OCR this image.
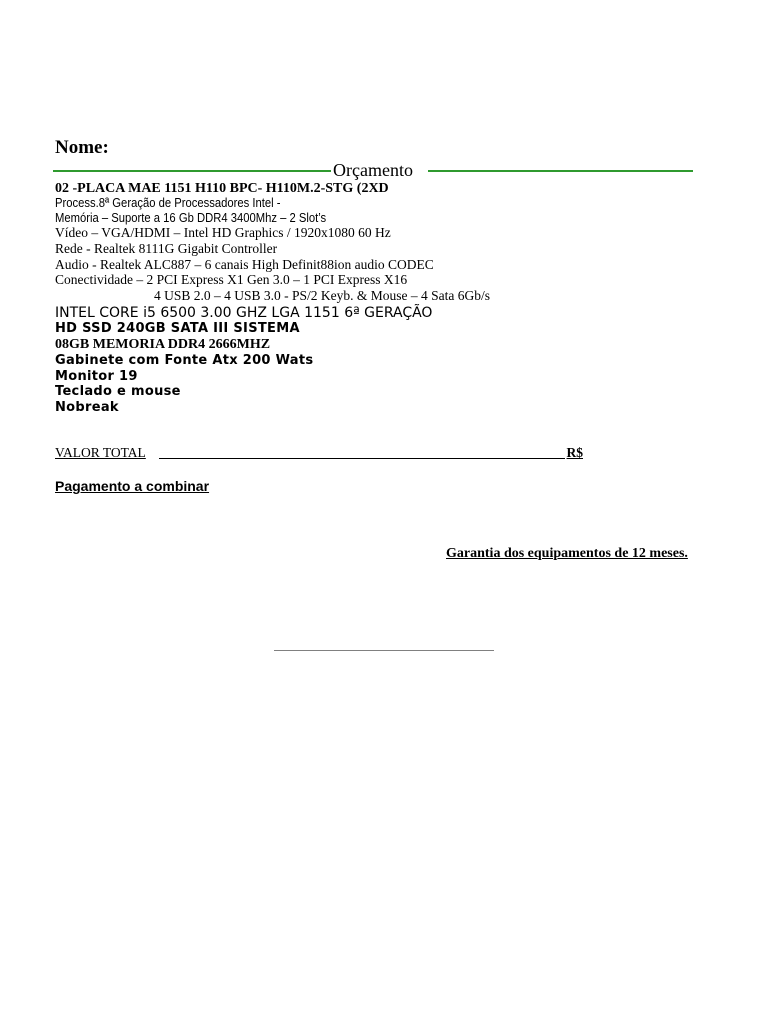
Nome:
Orçamento
02 -PLACA MAE 1151 H110 BPC- H110M.2-STG (2XD
Process.8ª Geração de Processadores Intel -
Memória – Suporte a 16 Gb DDR4 3400Mhz – 2 Slot’s
Vídeo – VGA/HDMI – Intel HD Graphics / 1920x1080 60 Hz
Rede - Realtek 8111G Gigabit Controller
Audio - Realtek ALC887 – 6 canais High Definit88ion audio CODEC
Conectividade – 2 PCI Express X1 Gen 3.0 – 1 PCI Express X16
4 USB 2.0 – 4 USB 3.0 - PS/2 Keyb. & Mouse – 4 Sata 6Gb/s
INTEL CORE i5 6500 3.00 GHZ LGA 1151 6ª GERAÇÃO
HD SSD 240GB SATA III SISTEMA
08GB MEMORIA DDR4 2666MHZ
Gabinete com Fonte Atx 200 Wats
Monitor 19
Teclado e mouse
Nobreak
VALOR TOTAL	R$
Pagamento a combinar
Garantia dos equipamentos de 12 meses.
